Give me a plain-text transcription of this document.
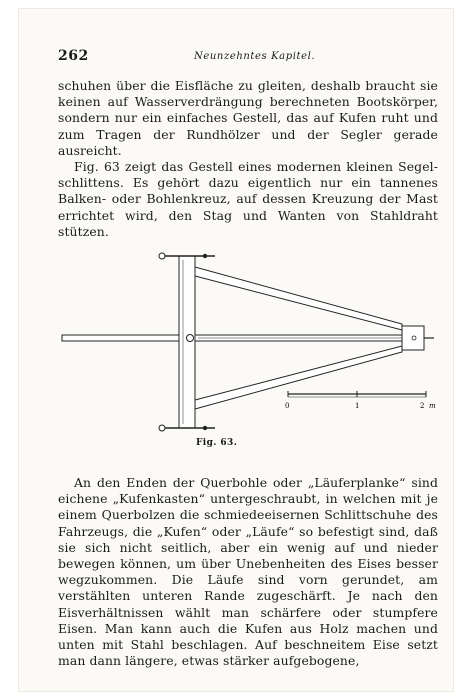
262	Neunzehntes Kapitel.

schuhen über die Eisfläche zu gleiten, deshalb braucht sie keinen auf Wasserverdrängung berechneten Bootskörper, sondern nur ein einfaches Gestell, das auf Kufen ruht und zum Tragen der Rundhölzer und der Segler gerade ausreicht.

Fig. 63 zeigt das Gestell eines modernen kleinen Segel-schlittens. Es gehört dazu eigentlich nur ein tannenes Balken- oder Bohlenkreuz, auf dessen Kreuzung der Mast errichtet wird, den Stag und Wanten von Stahldraht stützen.

0	1	2 m
Fig. 63.

An den Enden der Querbohle oder „Läuferplanke“ sind eichene „Kufenkasten“ untergeschraubt, in welchen mit je einem Querbolzen die schmiedeeisernen Schlittschuhe des Fahrzeugs, die „Kufen“ oder „Läufe“ so befestigt sind, daß sie sich nicht seitlich, aber ein wenig auf und nieder bewegen können, um über Unebenheiten des Eises besser wegzukommen. Die Läufe sind vorn gerundet, am verstählten unteren Rande zugeschärft. Je nach den Eisverhältnissen wählt man schärfere oder stumpfere Eisen. Man kann auch die Kufen aus Holz machen und unten mit Stahl beschlagen. Auf beschneitem Eise setzt man dann längere, etwas stärker aufgebogene,
